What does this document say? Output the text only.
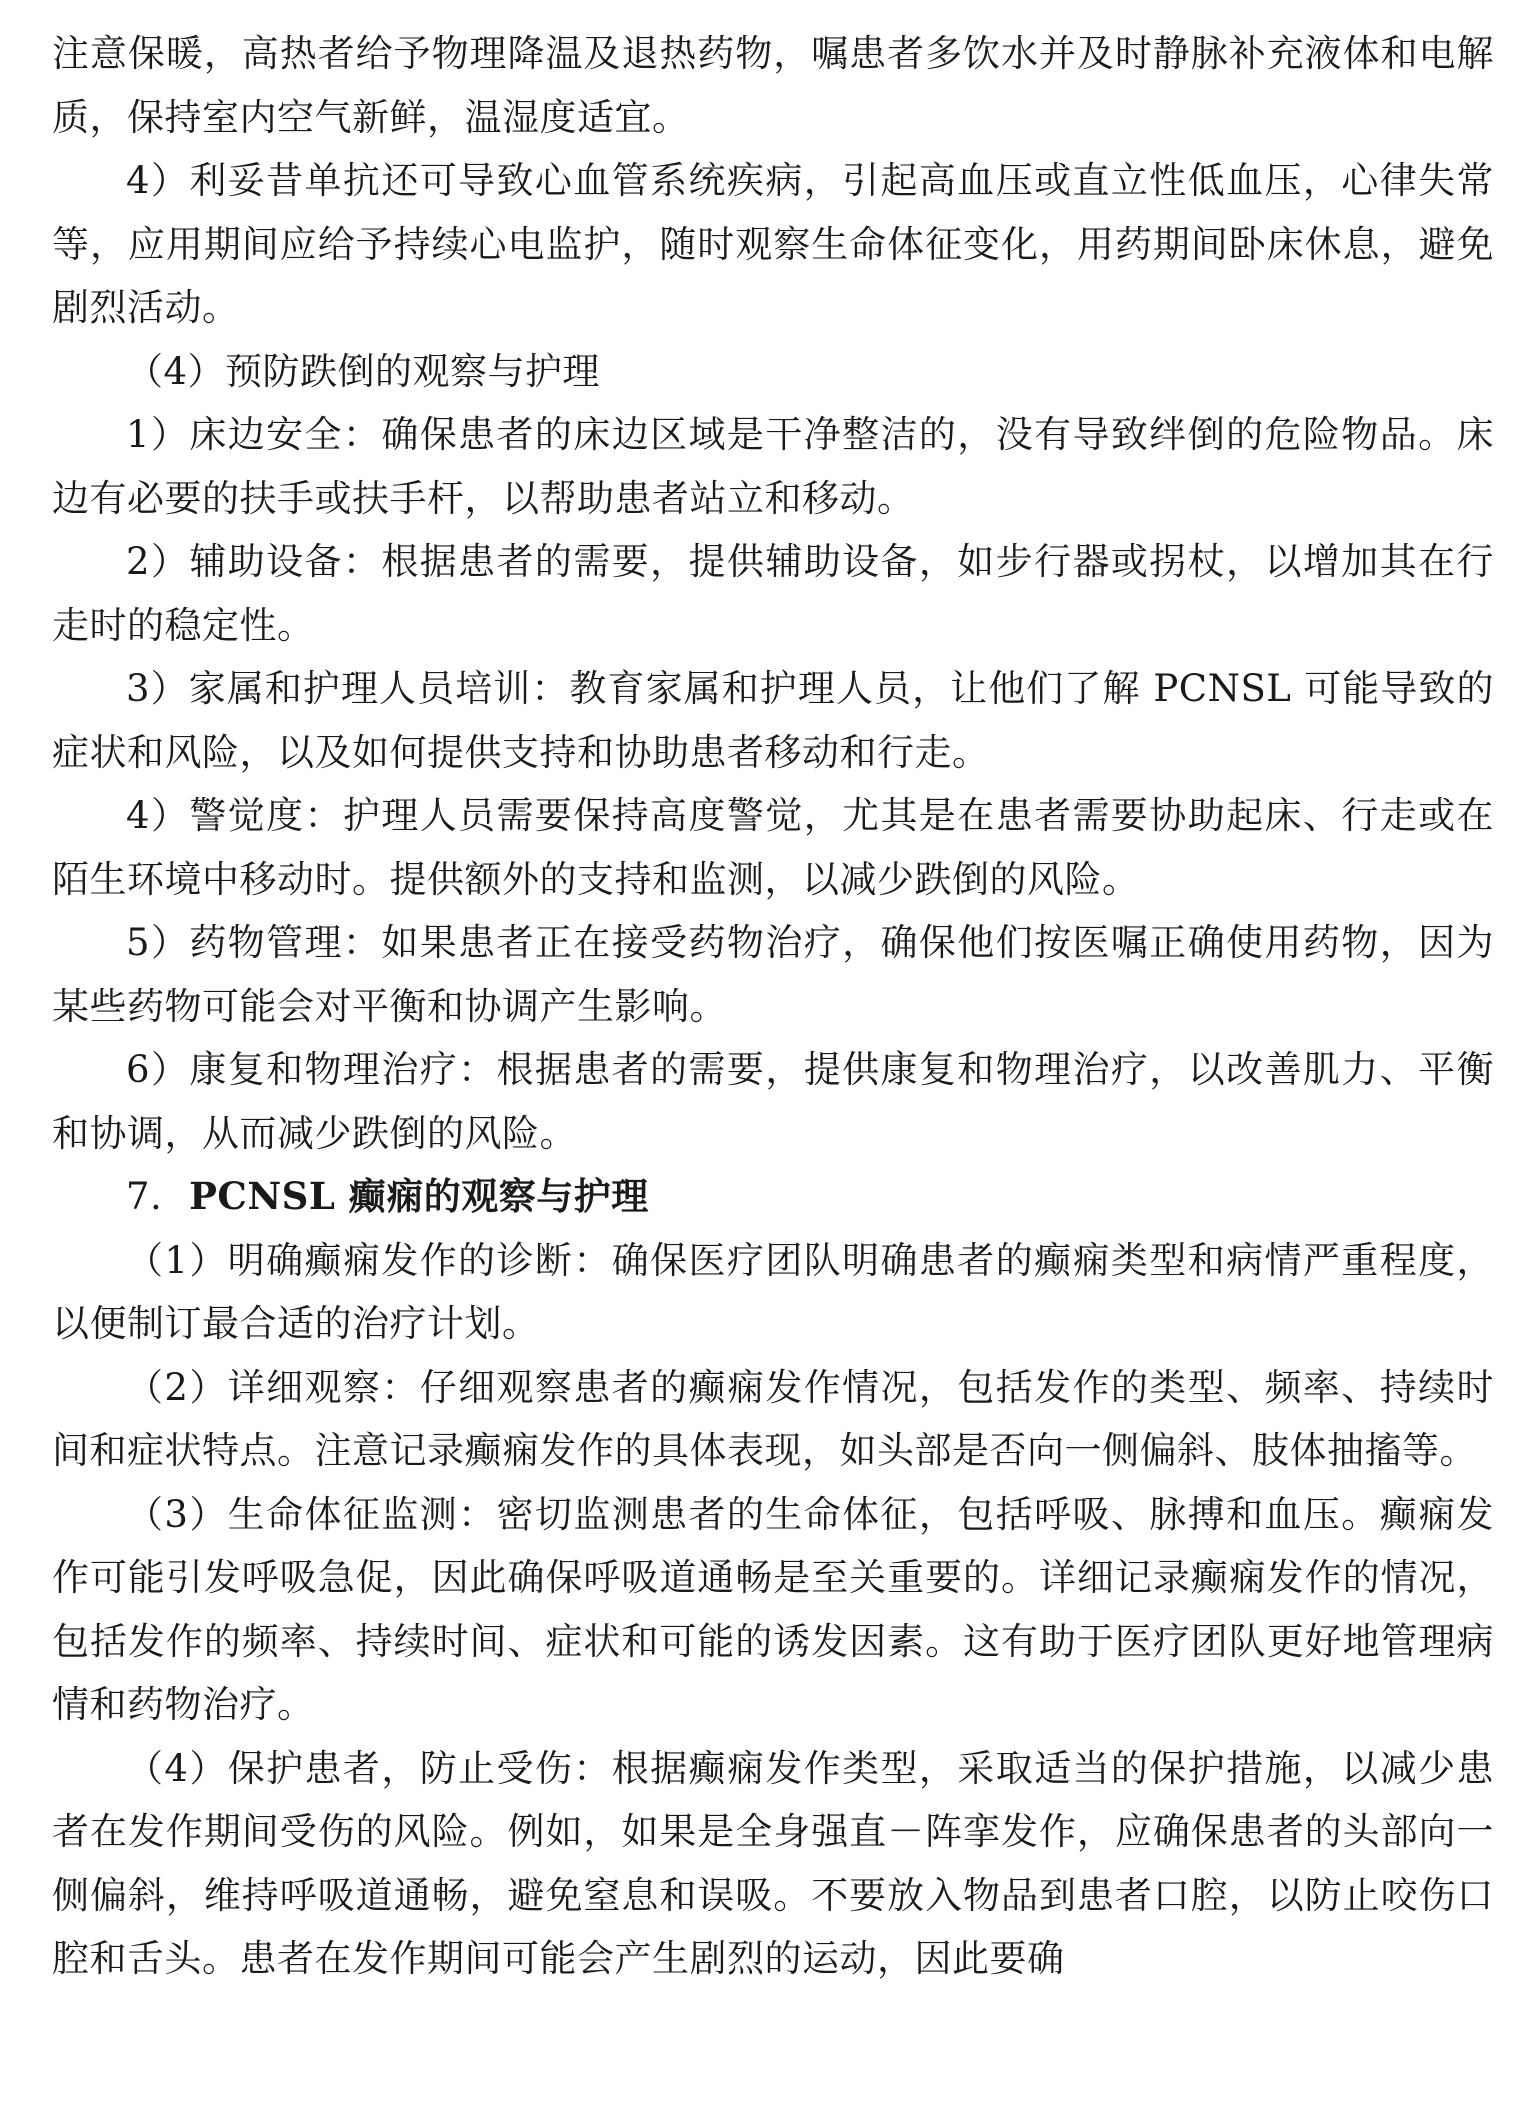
注意保暖，高热者给予物理降温及退热药物，嘱患者多饮水并及时静脉补充液体和电解质，保持室内空气新鲜，温湿度适宜。

4）利妥昔单抗还可导致心血管系统疾病，引起高血压或直立性低血压，心律失常等，应用期间应给予持续心电监护，随时观察生命体征变化，用药期间卧床休息，避免剧烈活动。

（4）预防跌倒的观察与护理

1）床边安全：确保患者的床边区域是干净整洁的，没有导致绊倒的危险物品。床边有必要的扶手或扶手杆，以帮助患者站立和移动。

2）辅助设备：根据患者的需要，提供辅助设备，如步行器或拐杖，以增加其在行走时的稳定性。

3）家属和护理人员培训：教育家属和护理人员，让他们了解 PCNSL 可能导致的症状和风险，以及如何提供支持和协助患者移动和行走。

4）警觉度：护理人员需要保持高度警觉，尤其是在患者需要协助起床、行走或在陌生环境中移动时。提供额外的支持和监测，以减少跌倒的风险。

5）药物管理：如果患者正在接受药物治疗，确保他们按医嘱正确使用药物，因为某些药物可能会对平衡和协调产生影响。

6）康复和物理治疗：根据患者的需要，提供康复和物理治疗，以改善肌力、平衡和协调，从而减少跌倒的风险。

7. PCNSL 癫痫的观察与护理

（1）明确癫痫发作的诊断：确保医疗团队明确患者的癫痫类型和病情严重程度，以便制订最合适的治疗计划。

（2）详细观察：仔细观察患者的癫痫发作情况，包括发作的类型、频率、持续时间和症状特点。注意记录癫痫发作的具体表现，如头部是否向一侧偏斜、肢体抽搐等。

（3）生命体征监测：密切监测患者的生命体征，包括呼吸、脉搏和血压。癫痫发作可能引发呼吸急促，因此确保呼吸道通畅是至关重要的。详细记录癫痫发作的情况，包括发作的频率、持续时间、症状和可能的诱发因素。这有助于医疗团队更好地管理病情和药物治疗。

（4）保护患者，防止受伤：根据癫痫发作类型，采取适当的保护措施，以减少患者在发作期间受伤的风险。例如，如果是全身强直－阵挛发作，应确保患者的头部向一侧偏斜，维持呼吸道通畅，避免窒息和误吸。不要放入物品到患者口腔，以防止咬伤口腔和舌头。患者在发作期间可能会产生剧烈的运动，因此要确
